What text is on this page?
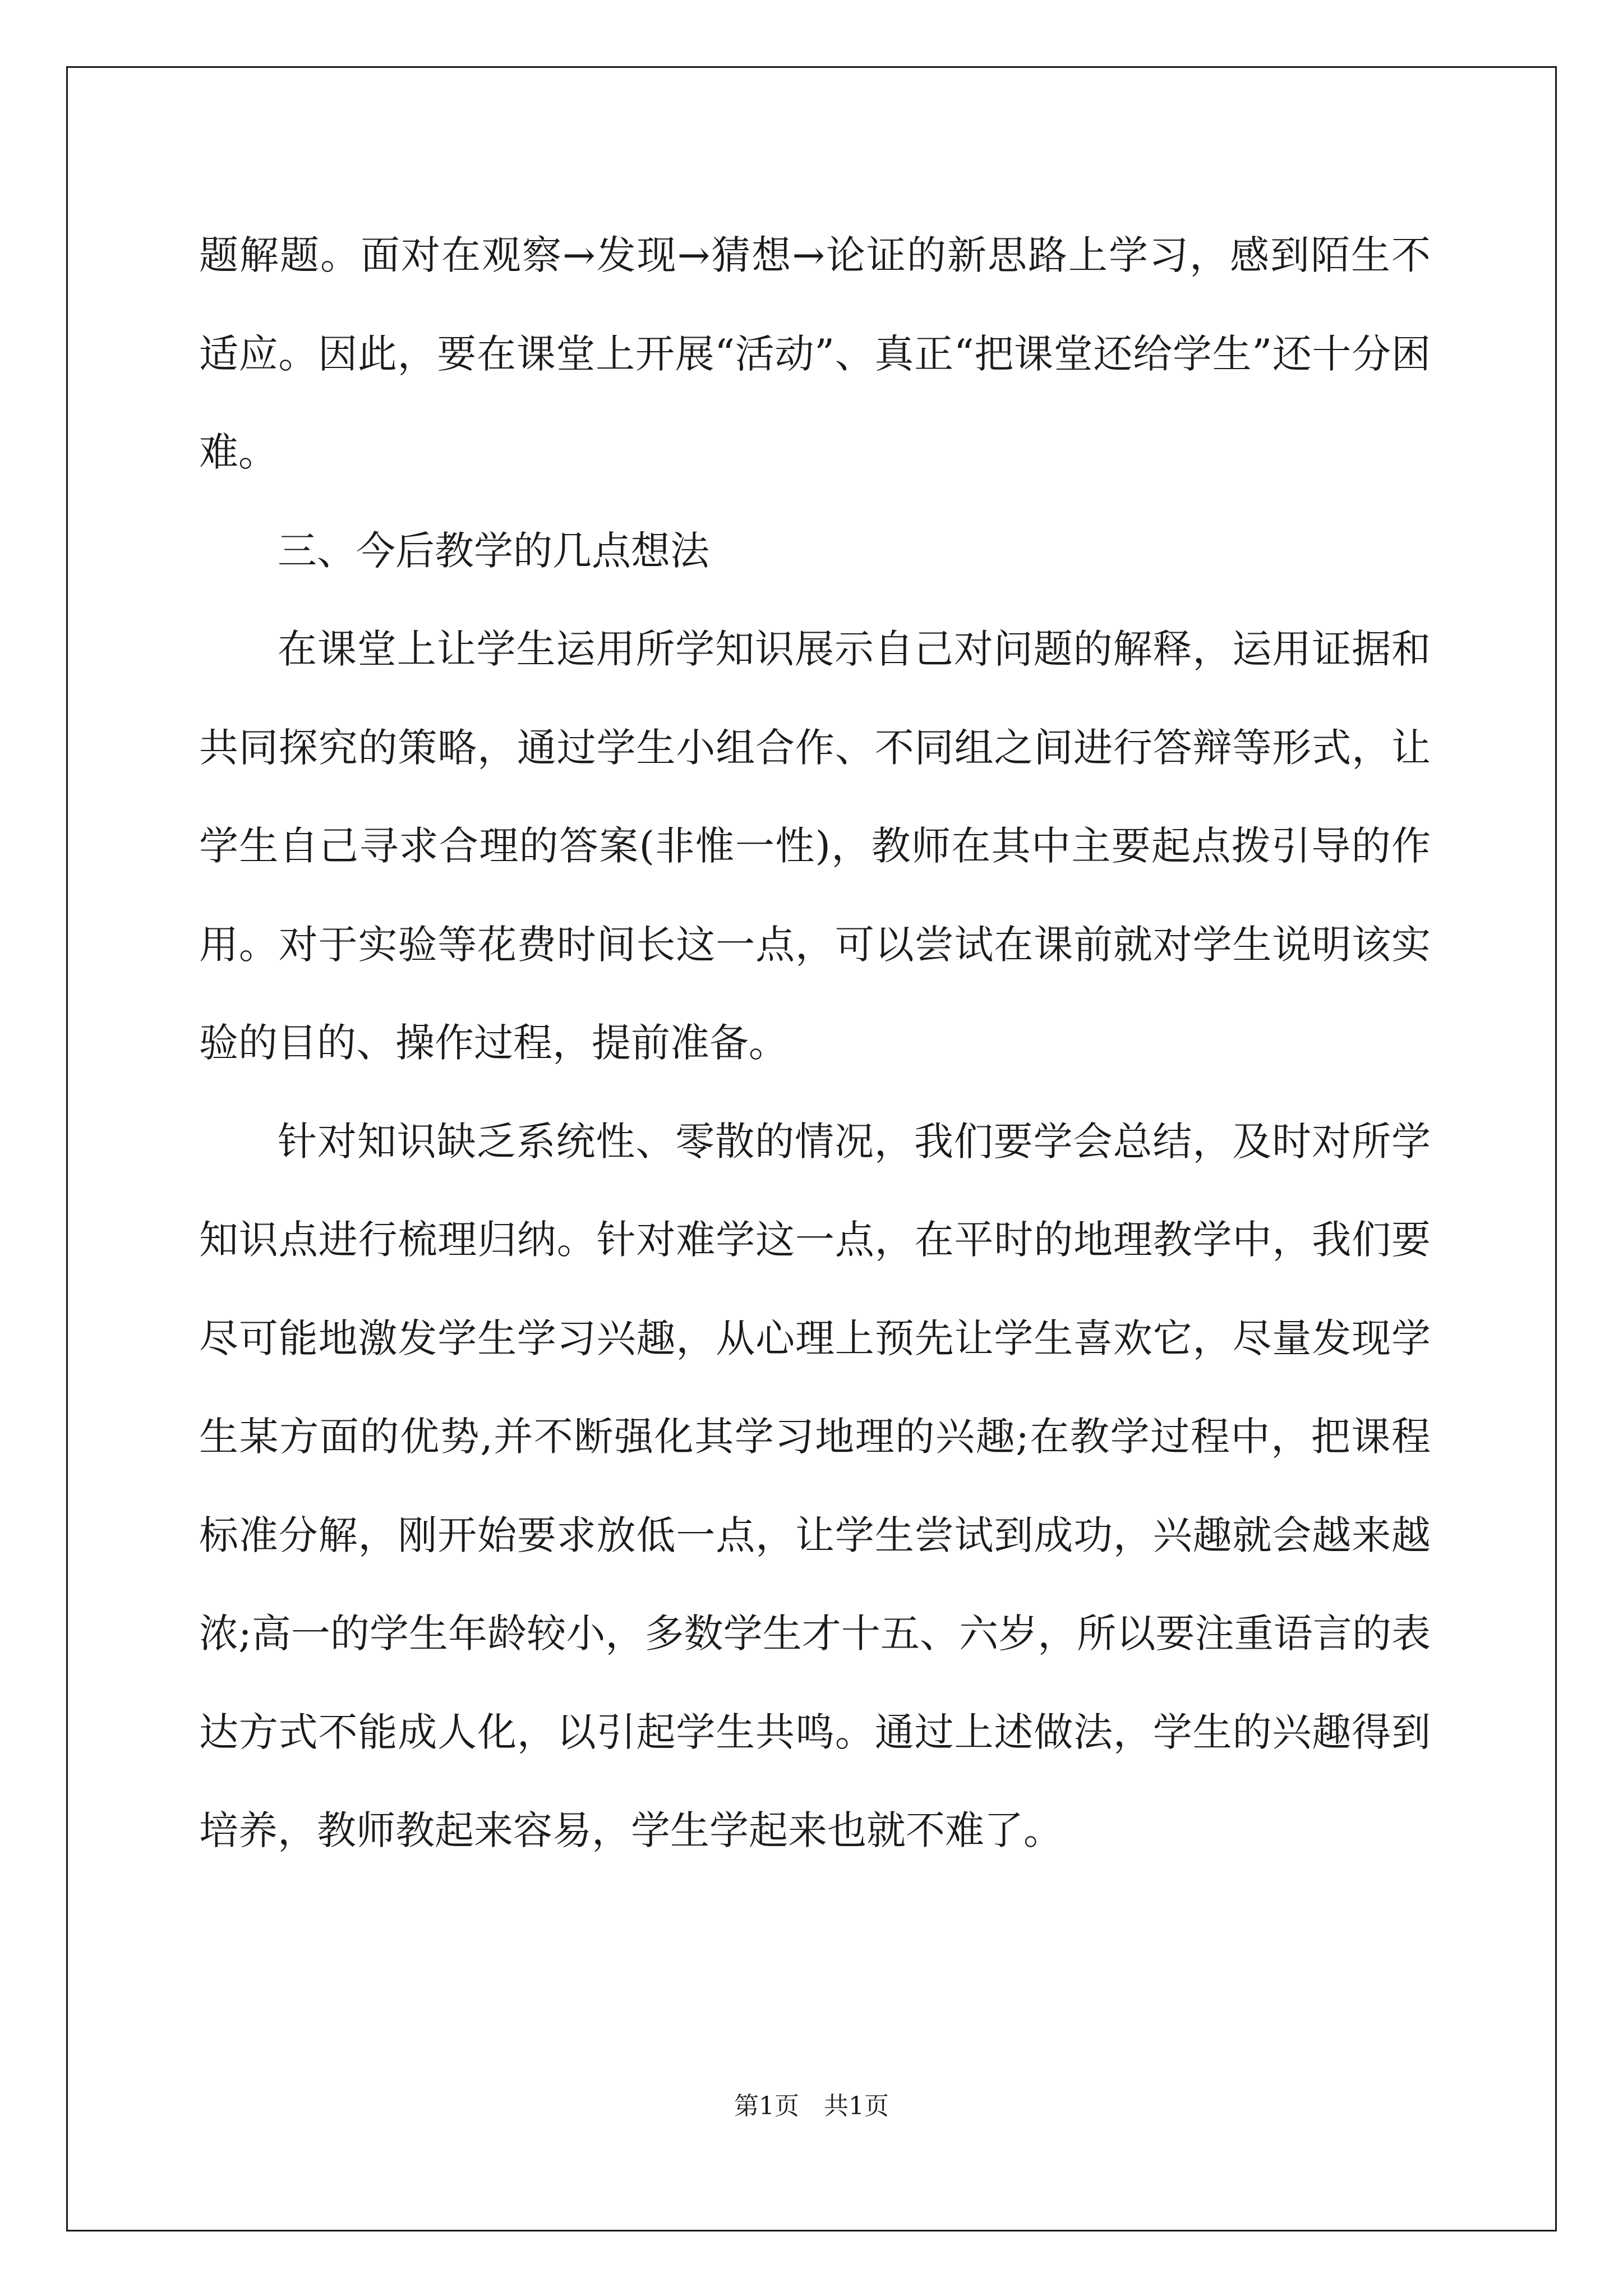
题解题。面对在观察→发现→猜想→论证的新思路上学习，感到陌生不适应。因此，要在课堂上开展“活动”、真正“把课堂还给学生”还十分困难。

三、今后教学的几点想法

在课堂上让学生运用所学知识展示自己对问题的解释，运用证据和共同探究的策略，通过学生小组合作、不同组之间进行答辩等形式，让学生自己寻求合理的答案(非惟一性)，教师在其中主要起点拨引导的作用。对于实验等花费时间长这一点，可以尝试在课前就对学生说明该实验的目的、操作过程，提前准备。

针对知识缺乏系统性、零散的情况，我们要学会总结，及时对所学知识点进行梳理归纳。针对难学这一点，在平时的地理教学中，我们要尽可能地激发学生学习兴趣，从心理上预先让学生喜欢它，尽量发现学生某方面的优势,并不断强化其学习地理的兴趣;在教学过程中，把课程标准分解，刚开始要求放低一点，让学生尝试到成功，兴趣就会越来越浓;高一的学生年龄较小，多数学生才十五、六岁，所以要注重语言的表达方式不能成人化，以引起学生共鸣。通过上述做法，学生的兴趣得到培养，教师教起来容易，学生学起来也就不难了。

第1页　共1页
